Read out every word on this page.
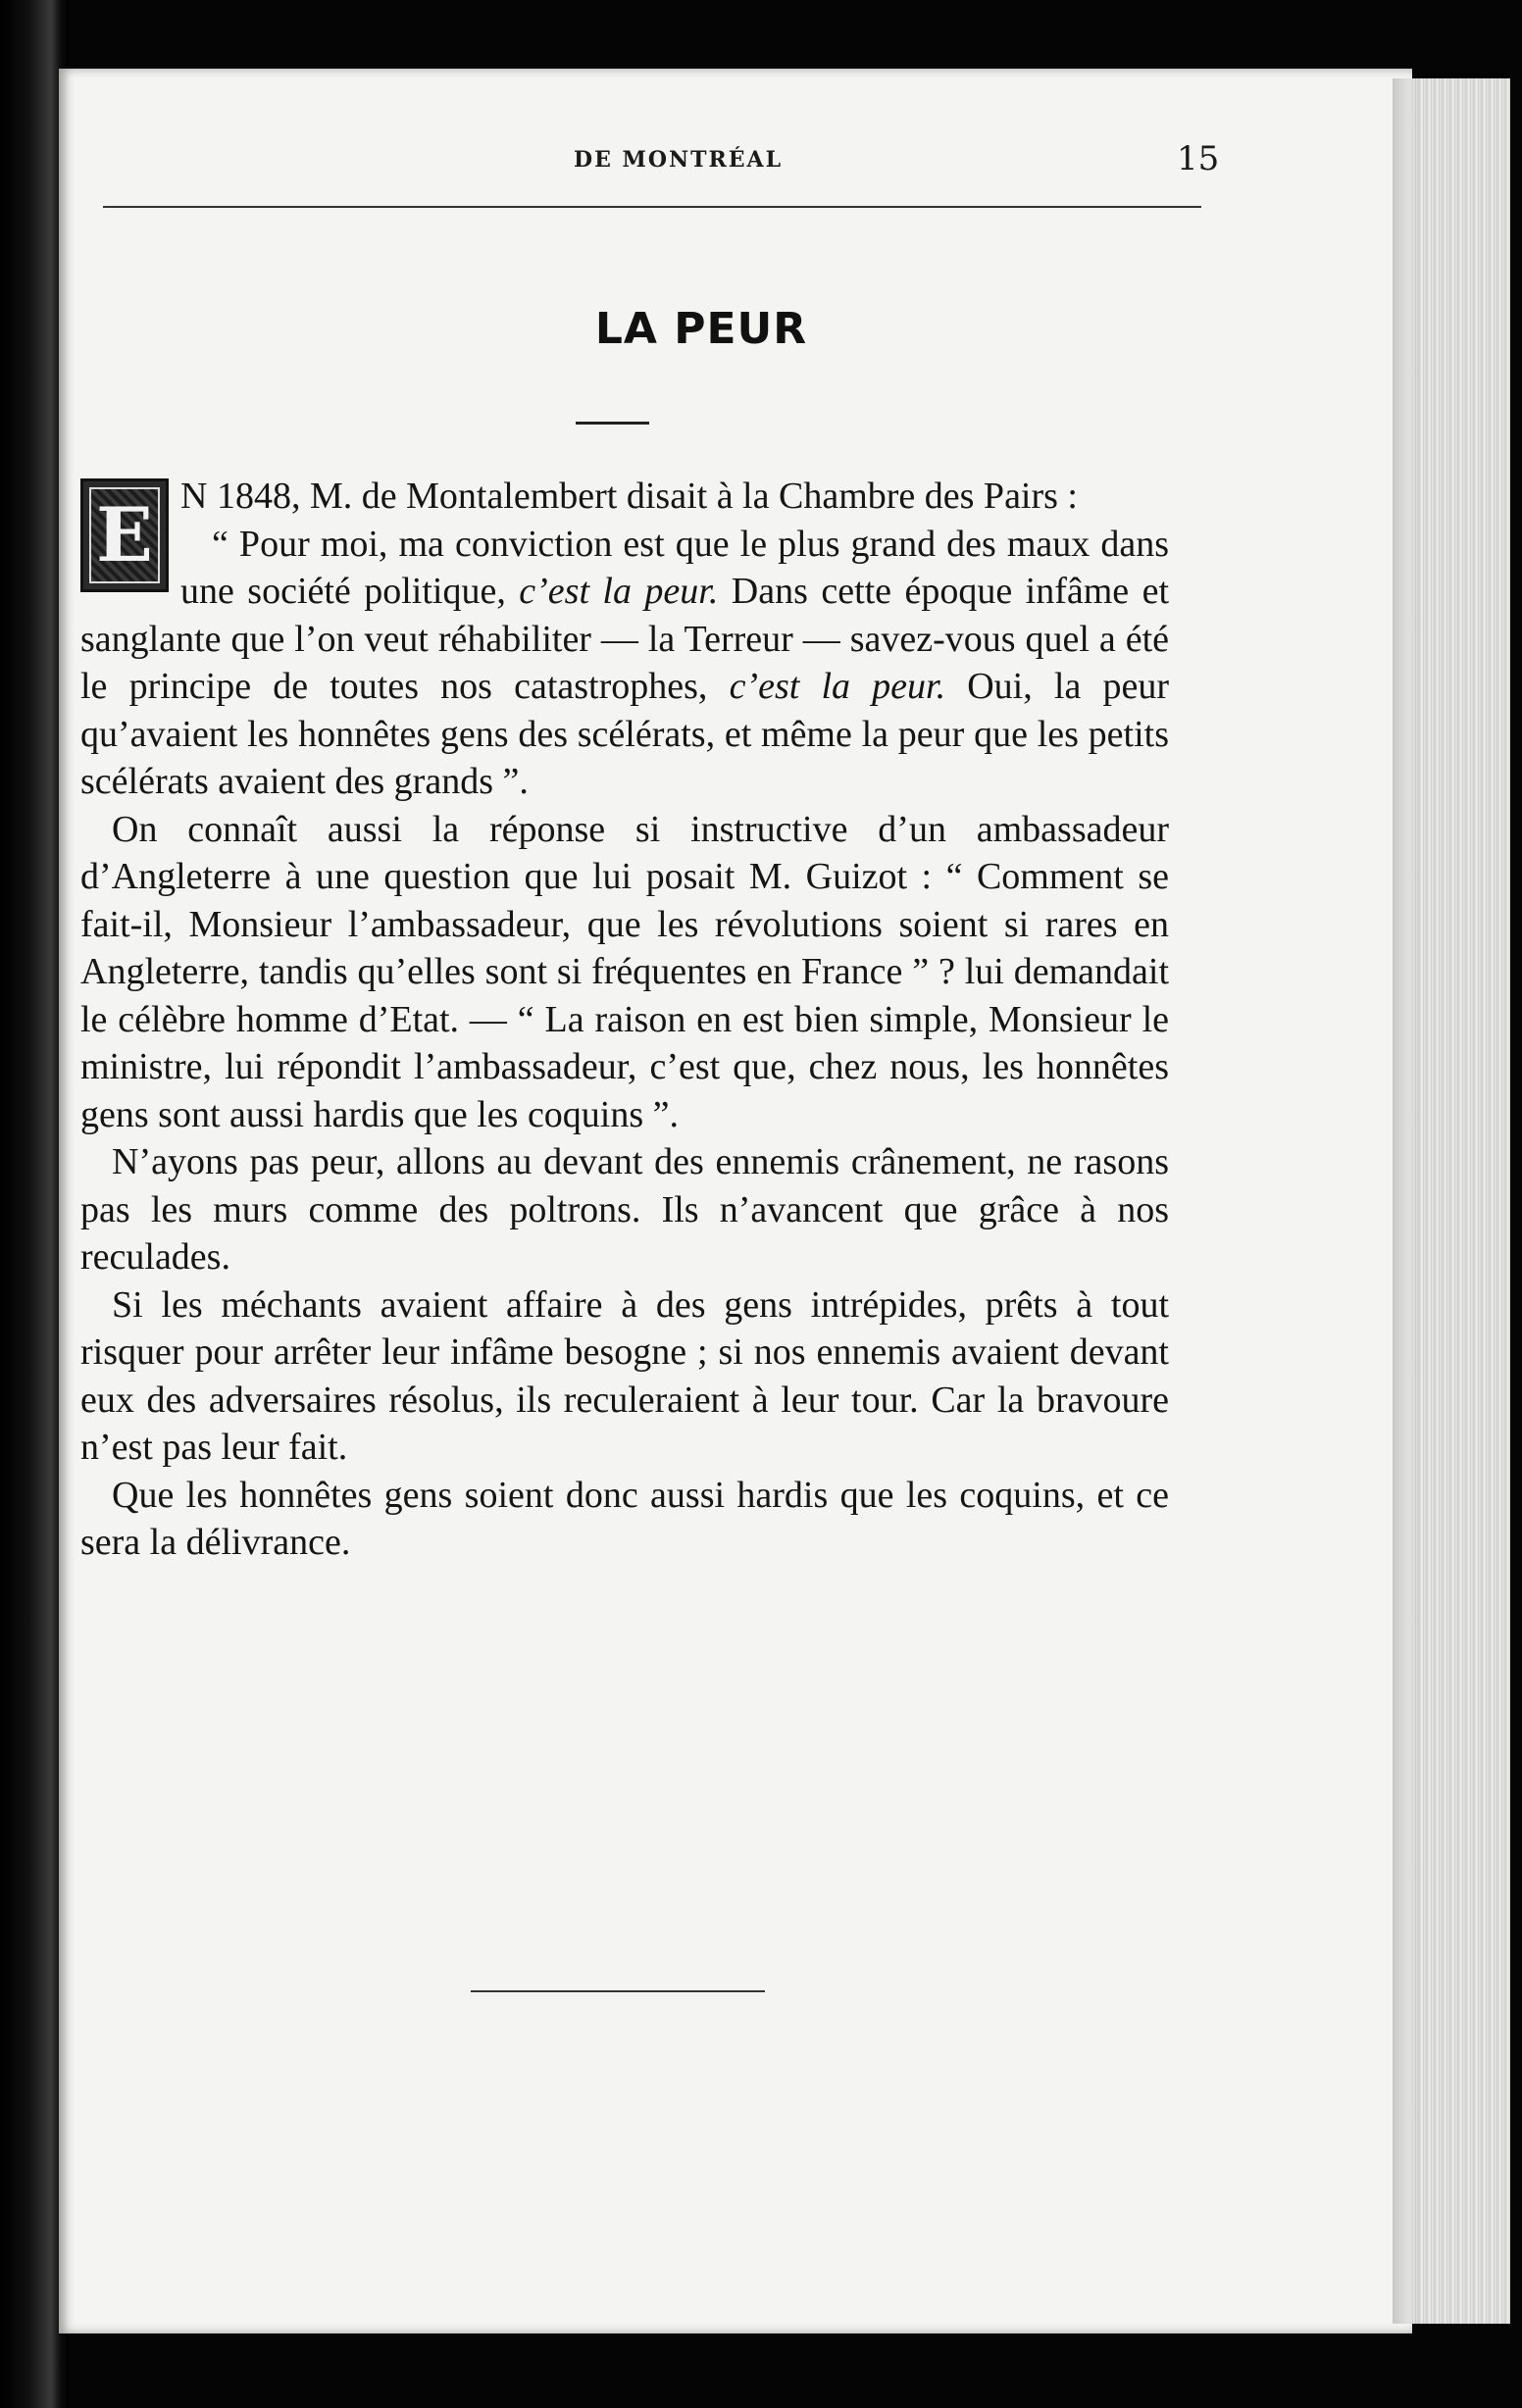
DE MONTRÉAL	15
LA PEUR

E N 1848, M. de Montalembert disait à la Chambre des Pairs :

“ Pour moi, ma conviction est que le plus grand des maux dans une société politique, c’est la peur. Dans cette époque infâme et sanglante que l’on veut réhabiliter — la Terreur — savez-vous quel a été le principe de toutes nos catastrophes, c’est la peur. Oui, la peur qu’avaient les honnêtes gens des scélérats, et même la peur que les petits scélérats avaient des grands ”.

On connaît aussi la réponse si instructive d’un ambassadeur d’Angleterre à une question que lui posait M. Guizot : “ Comment se fait-il, Monsieur l’ambassadeur, que les révolutions soient si rares en Angleterre, tandis qu’elles sont si fréquentes en France ” ? lui demandait le célèbre homme d’Etat. — “ La raison en est bien simple, Monsieur le ministre, lui répondit l’ambassadeur, c’est que, chez nous, les honnêtes gens sont aussi hardis que les coquins ”.

N’ayons pas peur, allons au devant des ennemis crânement, ne rasons pas les murs comme des poltrons. Ils n’avancent que grâce à nos reculades.

Si les méchants avaient affaire à des gens intrépides, prêts à tout risquer pour arrêter leur infâme besogne ; si nos ennemis avaient devant eux des adversaires résolus, ils reculeraient à leur tour. Car la bravoure n’est pas leur fait.

Que les honnêtes gens soient donc aussi hardis que les coquins, et ce sera la délivrance.
